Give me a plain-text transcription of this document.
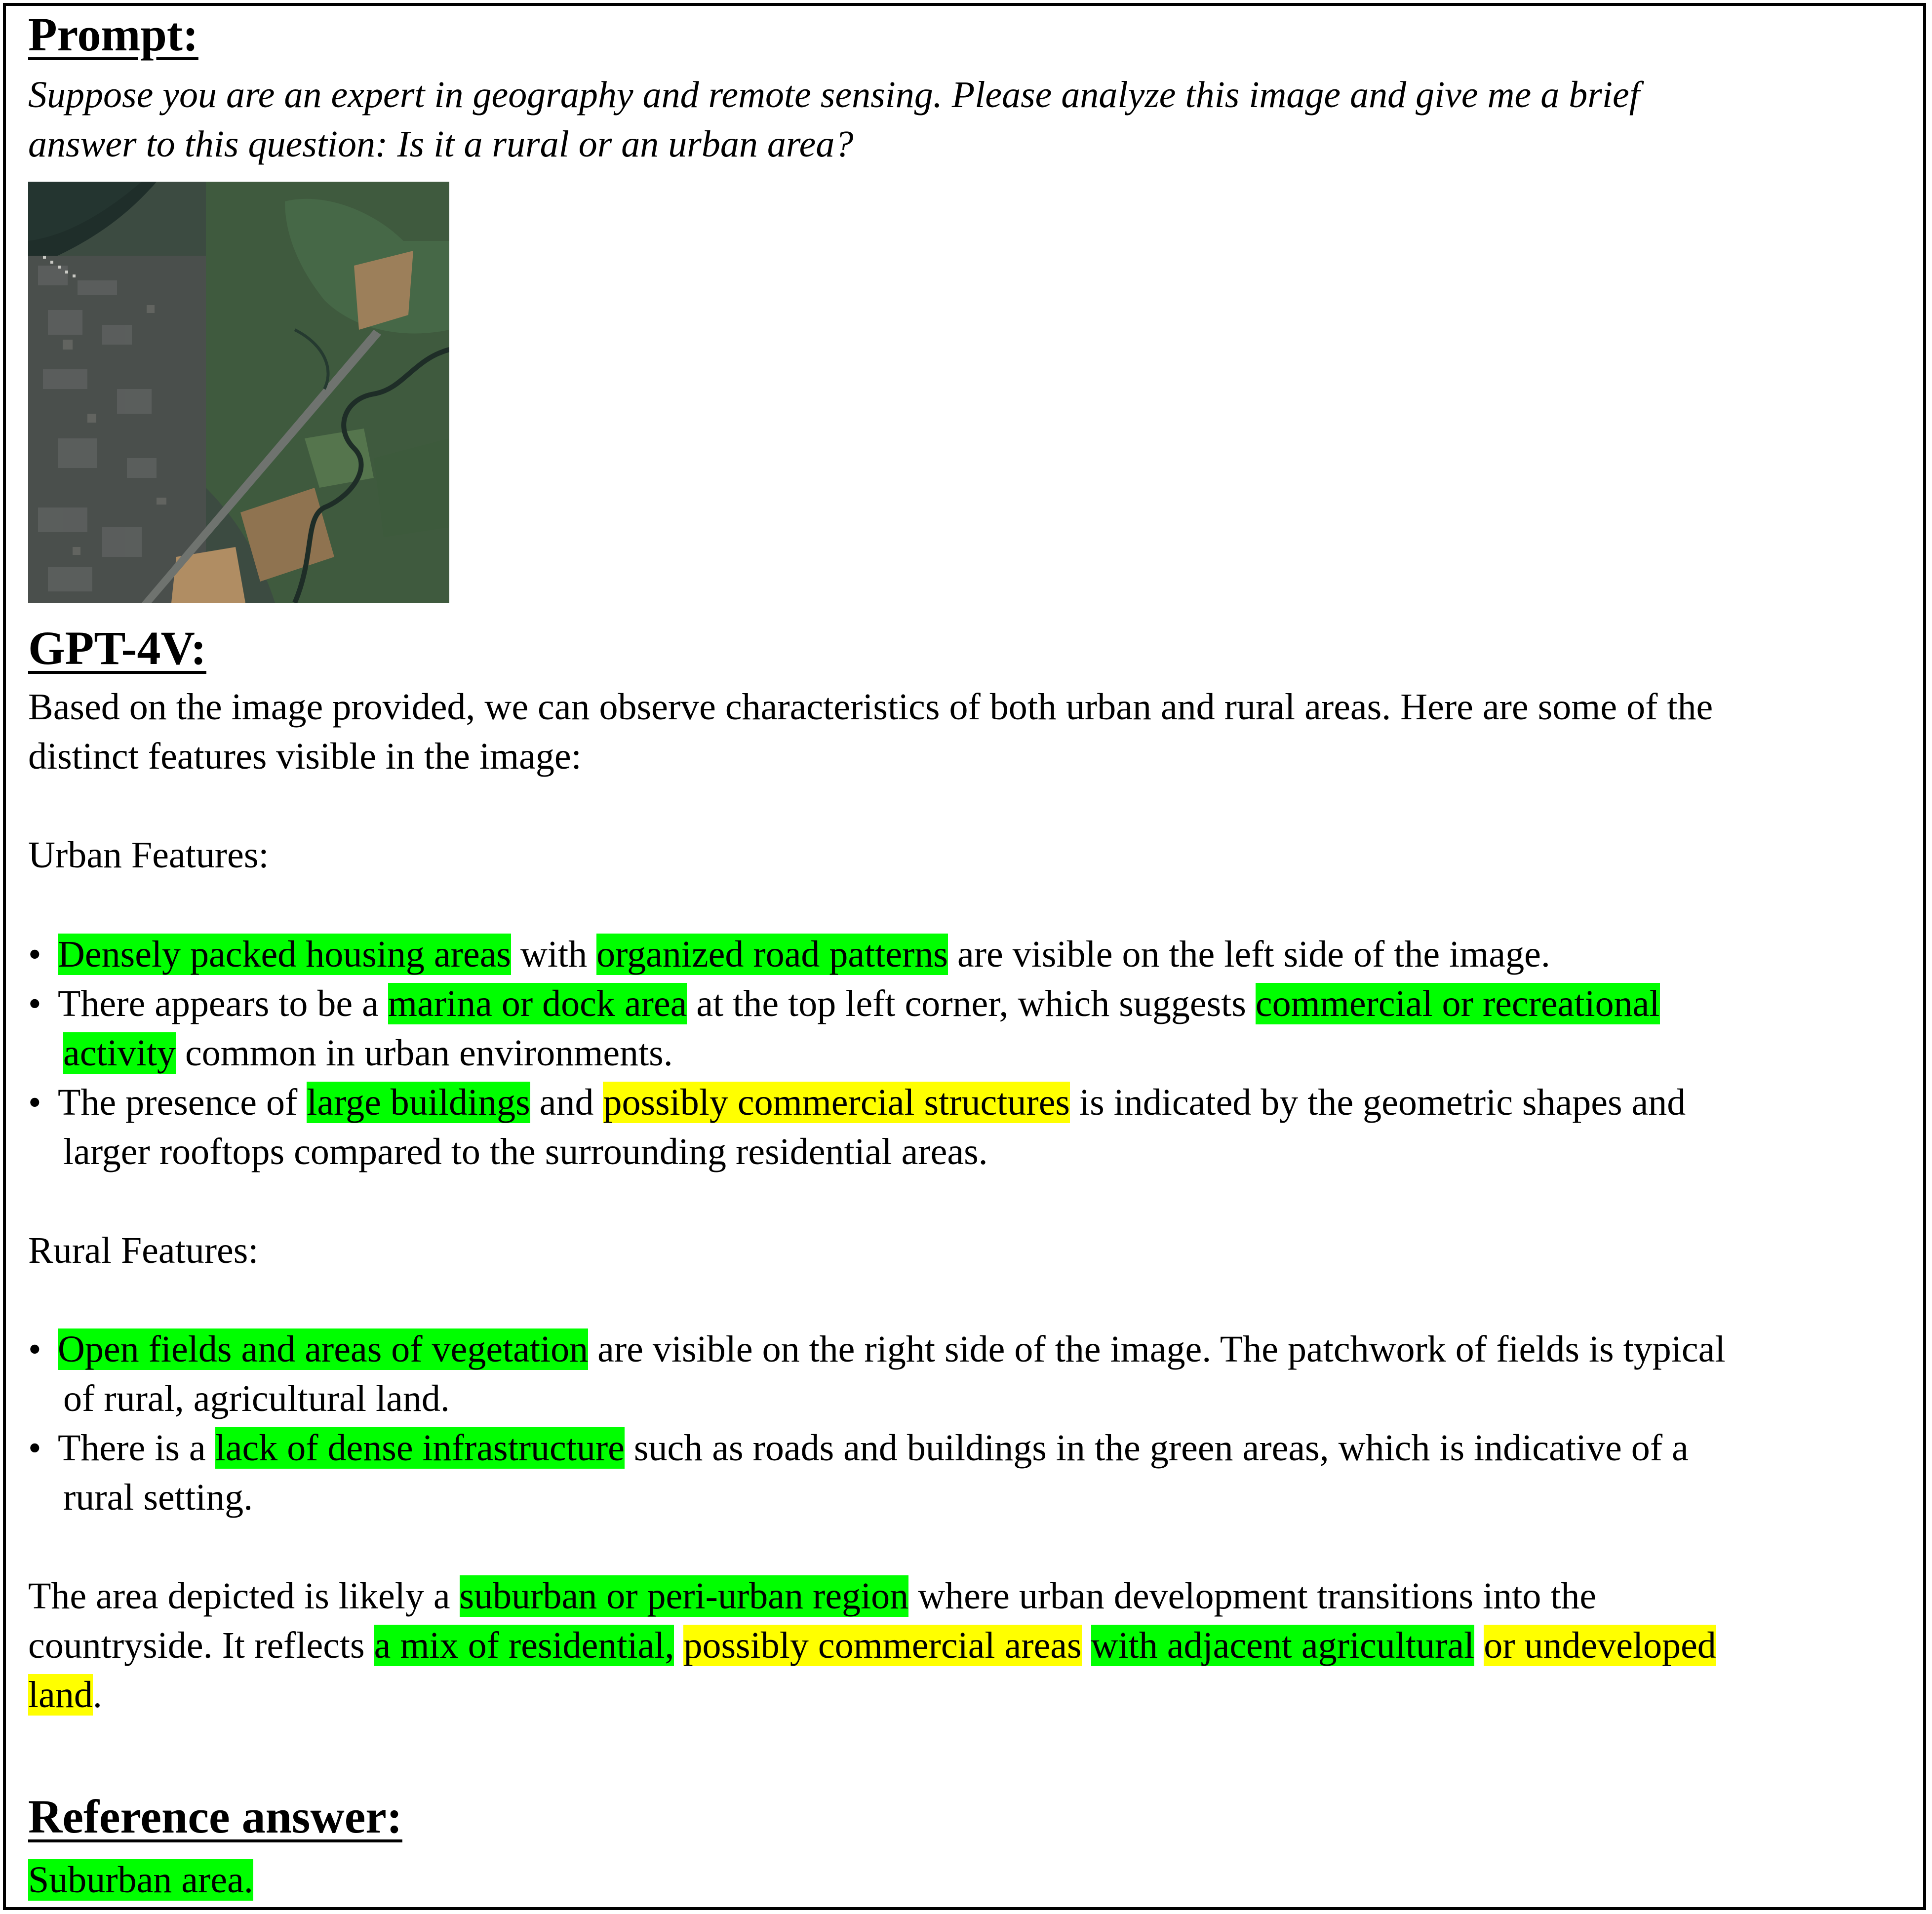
Prompt:
Suppose you are an expert in geography and remote sensing. Please analyze this image and give me a brief
answer to this question: Is it a rural or an urban area?
GPT-4V:
Based on the image provided, we can observe characteristics of both urban and rural areas. Here are some of the
distinct features visible in the image:
Urban Features:
• Densely packed housing areas with organized road patterns are visible on the left side of the image.
• There appears to be a marina or dock area at the top left corner, which suggests commercial or recreational
activity common in urban environments.
• The presence of large buildings and possibly commercial structures is indicated by the geometric shapes and
larger rooftops compared to the surrounding residential areas.
Rural Features:
• Open fields and areas of vegetation are visible on the right side of the image. The patchwork of fields is typical
of rural, agricultural land.
• There is a lack of dense infrastructure such as roads and buildings in the green areas, which is indicative of a
rural setting.
The area depicted is likely a suburban or peri-urban region where urban development transitions into the
countryside. It reflects a mix of residential, possibly commercial areas with adjacent agricultural or undeveloped
land.
Reference answer:
Suburban area.
